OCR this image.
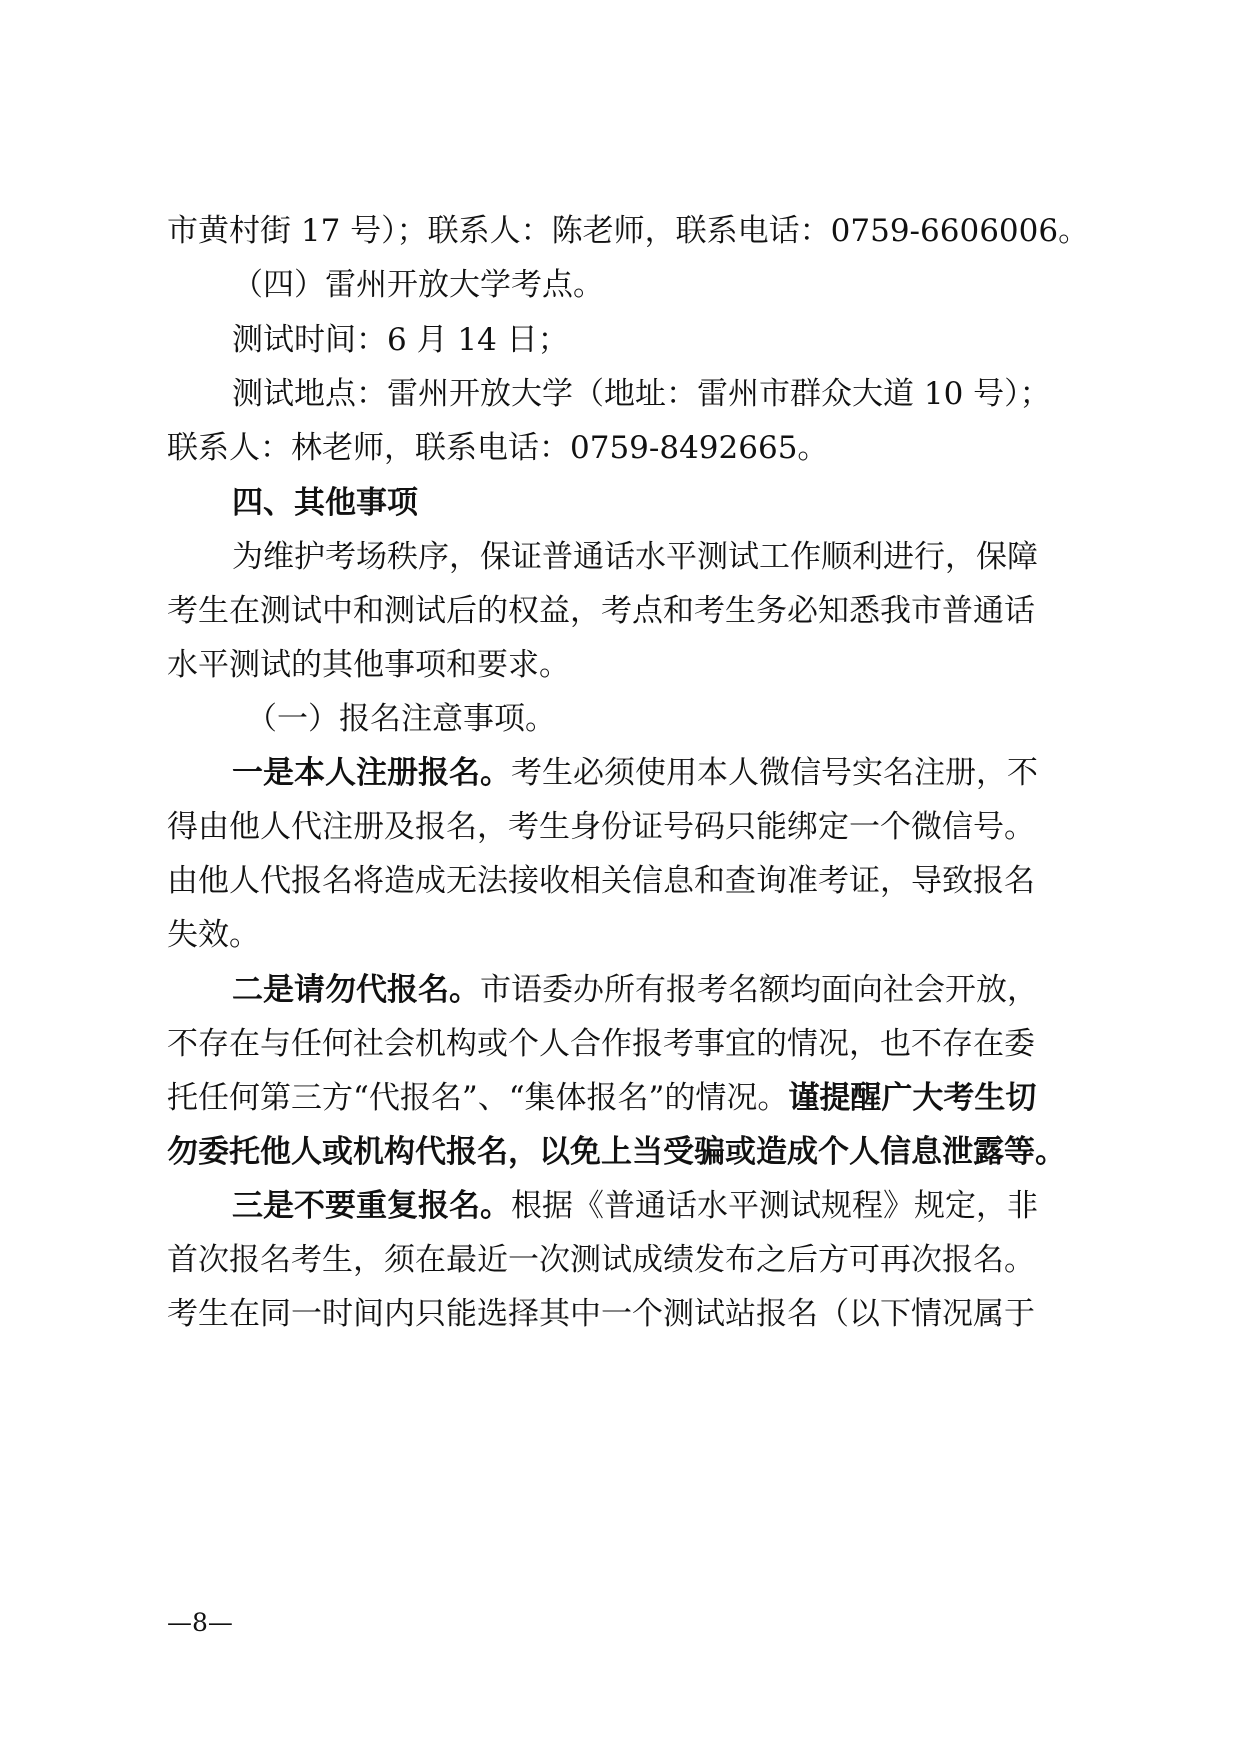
市黄村街 17 号）；联系人：陈老师，联系电话：0759-6606006。
（四）雷州开放大学考点。
测试时间：6 月 14 日；
测试地点：雷州开放大学（地址：雷州市群众大道 10 号）；
联系人：林老师，联系电话：0759-8492665。
四、其他事项
为维护考场秩序，保证普通话水平测试工作顺利进行，保障
考生在测试中和测试后的权益，考点和考生务必知悉我市普通话
水平测试的其他事项和要求。
（一）报名注意事项。
一是本人注册报名。考生必须使用本人微信号实名注册，不
得由他人代注册及报名，考生身份证号码只能绑定一个微信号。
由他人代报名将造成无法接收相关信息和查询准考证，导致报名
失效。
二是请勿代报名。市语委办所有报考名额均面向社会开放，
不存在与任何社会机构或个人合作报考事宜的情况，也不存在委
托任何第三方“代报名”、“集体报名”的情况。谨提醒广大考生切
勿委托他人或机构代报名，以免上当受骗或造成个人信息泄露等。
三是不要重复报名。根据《普通话水平测试规程》规定，非
首次报名考生，须在最近一次测试成绩发布之后方可再次报名。
考生在同一时间内只能选择其中一个测试站报名（以下情况属于
—8—
